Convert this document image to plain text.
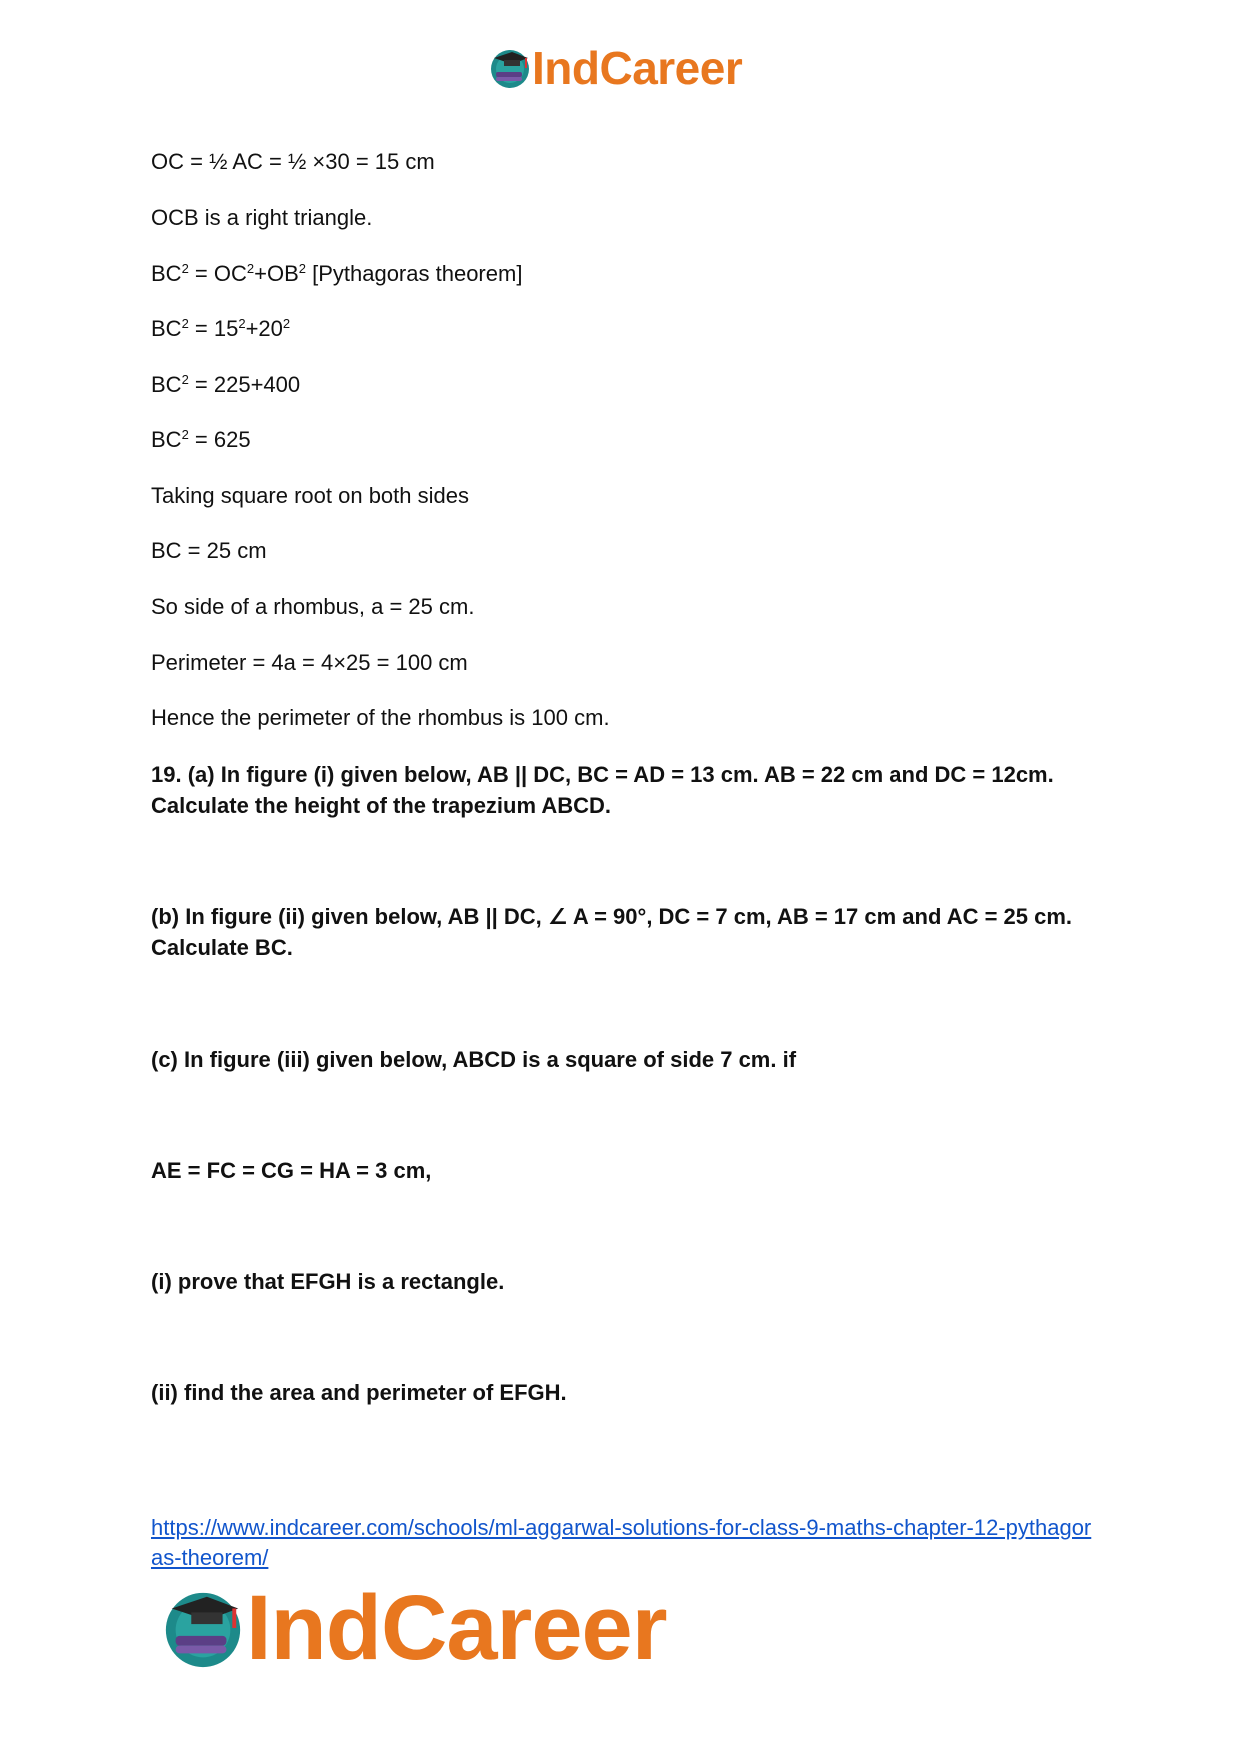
IndCareer
OC = ½ AC = ½ ×30 = 15 cm
OCB is a right triangle.
$BC^2 = OC^2+OB^2$ [Pythagoras theorem]
$BC^2 = 15^2+20^2$
$BC^2 = 225+400$
$BC^2 = 625$
Taking square root on both sides
BC = 25 cm
So side of a rhombus, a = 25 cm.
Perimeter = 4a = 4×25 = 100 cm
Hence the perimeter of the rhombus is 100 cm.
19. (a) In figure (i) given below, AB || DC, BC = AD = 13 cm. AB = 22 cm and DC = 12cm. Calculate the height of the trapezium ABCD.
(b) In figure (ii) given below, AB || DC, ∠ A = 90°, DC = 7 cm, AB = 17 cm and AC = 25 cm. Calculate BC.
(c) In figure (iii) given below, ABCD is a square of side 7 cm. if
AE = FC = CG = HA = 3 cm,
(i) prove that EFGH is a rectangle.
(ii) find the area and perimeter of EFGH.
https://www.indcareer.com/schools/ml-aggarwal-solutions-for-class-9-maths-chapter-12-pythagoras-theorem/
IndCareer
